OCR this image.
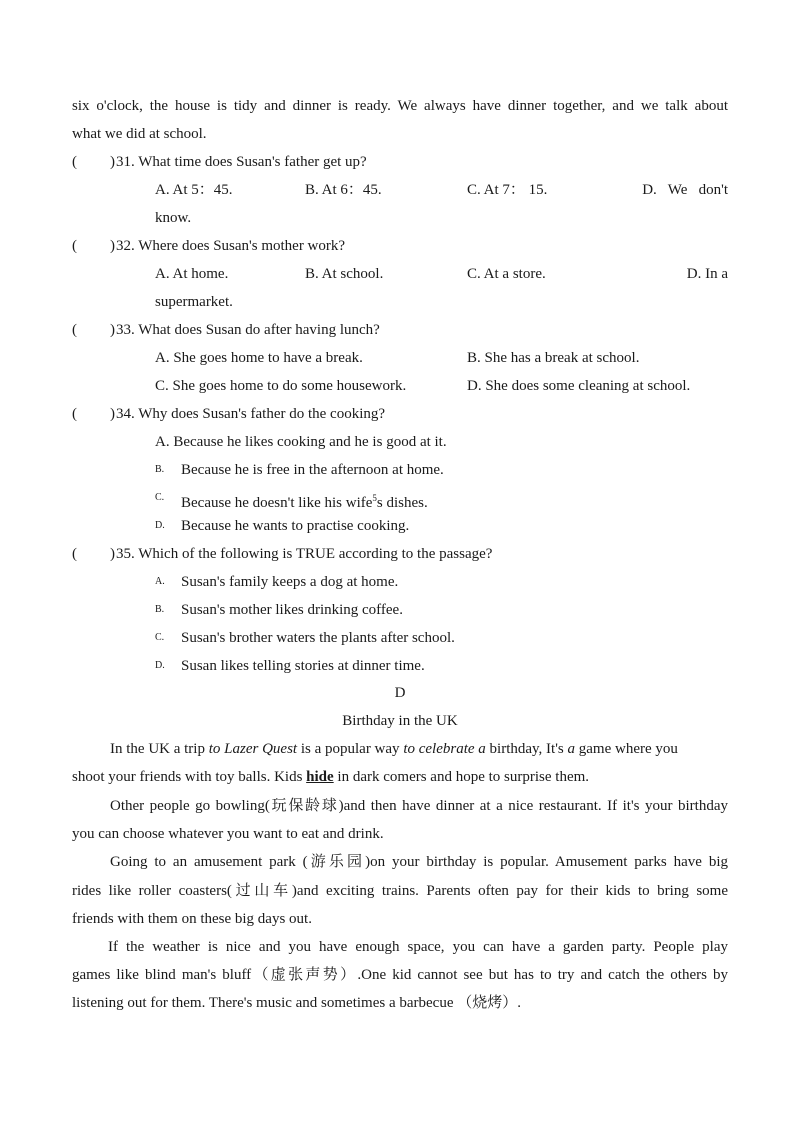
six o'clock, the house is tidy and dinner is ready. We always have dinner together, and we talk about
what we did at school.
( ) 31. What time does Susan's father get up?
A. At 5：45.	B. At 6：45.	C. At 7： 15.	D.   We   don't
know.
( ) 32. Where does Susan's mother work?
A. At home.	B. At school.	C. At a store.	D. In a
supermarket.
( ) 33. What does Susan do after having lunch?
A. She goes home to have a break.	B. She has a break at school.
C. She goes home to do some housework.	D. She does some cleaning at school.
( ) 34. Why does Susan's father do the cooking?
A. Because he likes cooking and he is good at it.
B. Because he is free in the afternoon at home.
C. Because he doesn't like his wife$^5$s dishes.
D. Because he wants to practise cooking.
( ) 35. Which of the following is TRUE according to the passage?
A. Susan's family keeps a dog at home.
B. Susan's mother likes drinking coffee.
C. Susan's brother waters the plants after school.
D. Susan likes telling stories at dinner time.
D
Birthday in the UK
In the UK a trip to Lazer Quest is a popular way to celebrate a birthday, It's a game where you
shoot your friends with toy balls. Kids hide in dark comers and hope to surprise them.
Other people go bowling(玩保龄球)and then have dinner at a nice restaurant. If it's your birthday
you can choose whatever you want to eat and drink.
Going to an amusement park (游乐园)on your birthday is popular. Amusement parks have big
rides like roller coasters(过山车)and exciting trains. Parents often pay for their kids to bring some
friends with them on these big days out.
If the weather is nice and you have enough space, you can have a garden party. People play
games like blind man's bluff（虚张声势）.One kid cannot see but has to try and catch the others by
listening out for them. There's music and sometimes a barbecue （烧烤）.
